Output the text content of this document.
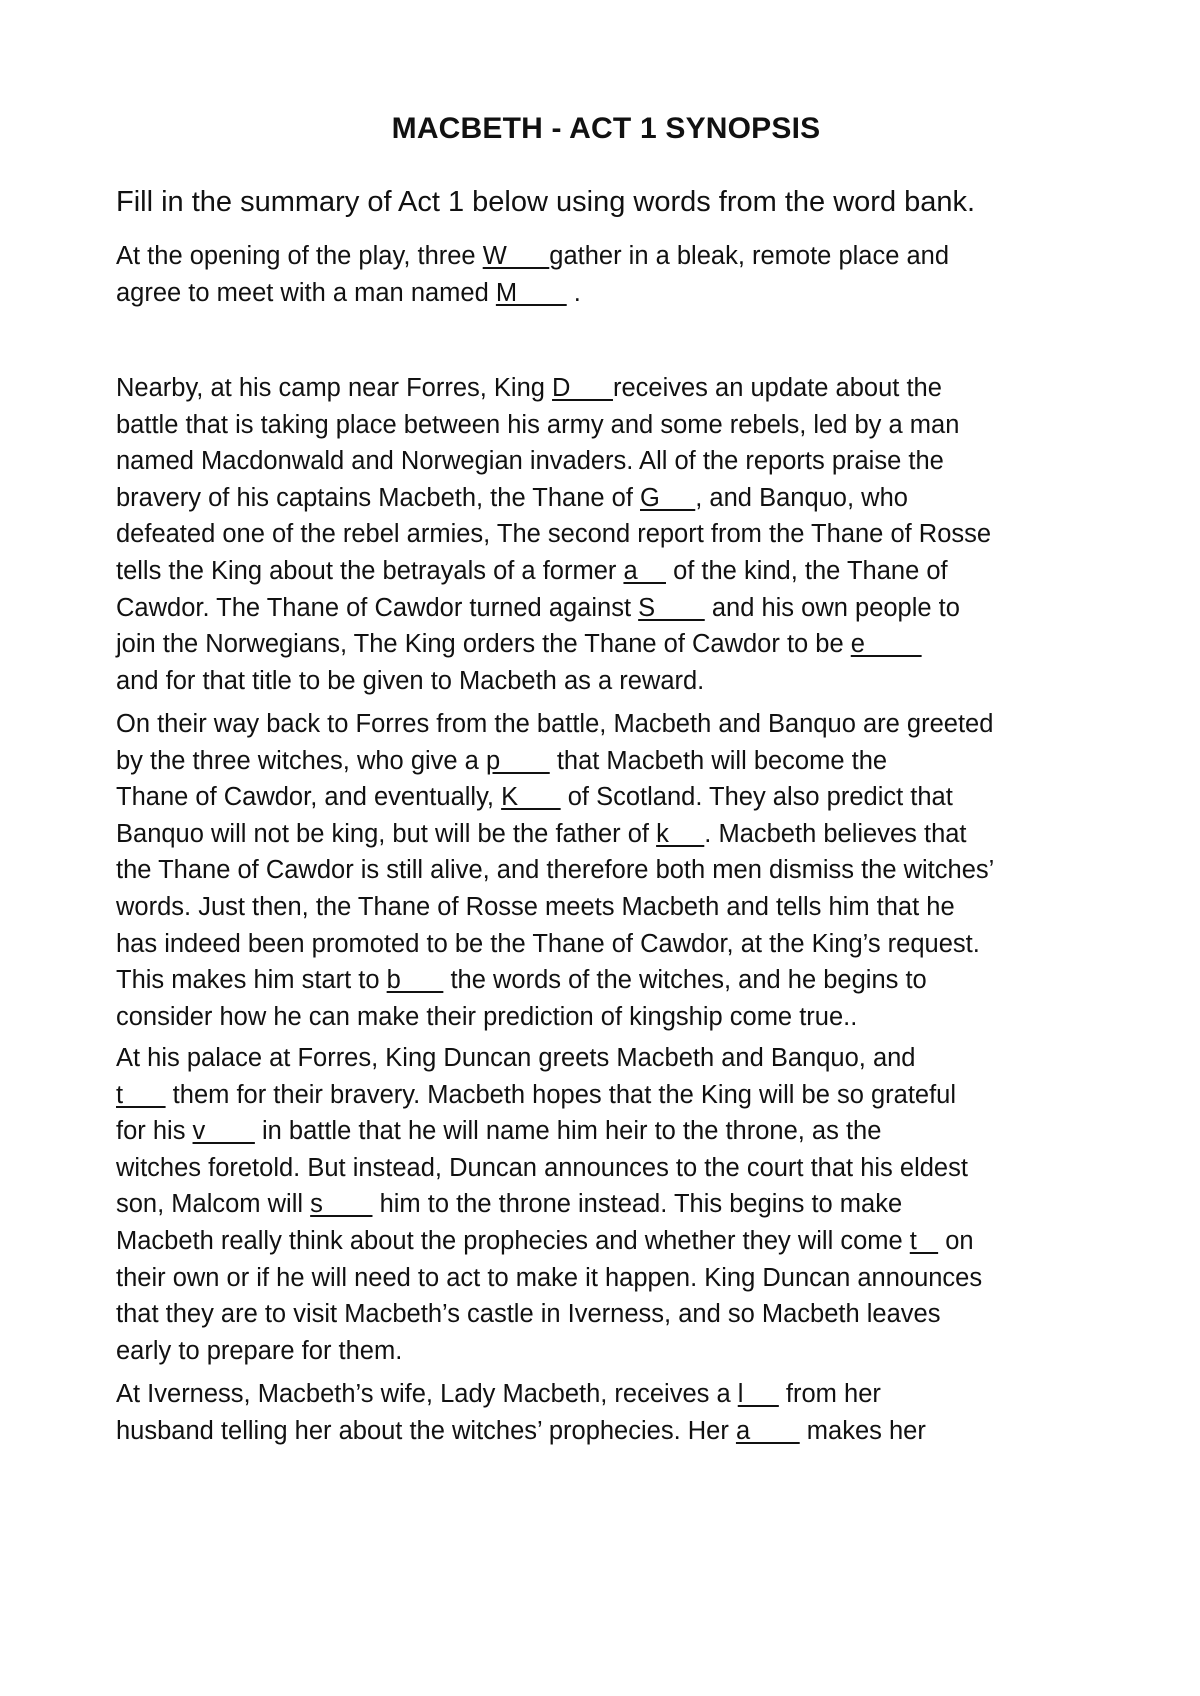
MACBETH - ACT 1 SYNOPSIS

Fill in the summary of Act 1 below using words from the word bank.

At the opening of the play, three W      gather in a bleak, remote place and
agree to meet with a man named M        .
Nearby, at his camp near Forres, King D      receives an update about the
battle that is taking place between his army and some rebels, led by a man
named Macdonwald and Norwegian invaders. All of the reports praise the
bravery of his captains Macbeth, the Thane of G     , and Banquo, who
defeated one of the rebel armies, The second report from the Thane of Rosse
tells the King about the betrayals of a former a     of the kind, the Thane of
Cawdor. The Thane of Cawdor turned against S        and his own people to
join the Norwegians, The King orders the Thane of Cawdor to be e
and for that title to be given to Macbeth as a reward.
On their way back to Forres from the battle, Macbeth and Banquo are greeted
by the three witches, who give a p        that Macbeth will become the
Thane of Cawdor, and eventually, K       of Scotland. They also predict that
Banquo will not be king, but will be the father of k     . Macbeth believes that
the Thane of Cawdor is still alive, and therefore both men dismiss the witches’
words. Just then, the Thane of Rosse meets Macbeth and tells him that he
has indeed been promoted to be the Thane of Cawdor, at the King’s request.
This makes him start to b       the words of the witches, and he begins to
consider how he can make their prediction of kingship come true..
At his palace at Forres, King Duncan greets Macbeth and Banquo, and
t       them for their bravery. Macbeth hopes that the King will be so grateful
for his v        in battle that he will name him heir to the throne, as the
witches foretold. But instead, Duncan announces to the court that his eldest
son, Malcom will s        him to the throne instead. This begins to make
Macbeth really think about the prophecies and whether they will come t    on
their own or if he will need to act to make it happen. King Duncan announces
that they are to visit Macbeth’s castle in Iverness, and so Macbeth leaves
early to prepare for them.
At Iverness, Macbeth’s wife, Lady Macbeth, receives a l      from her
husband telling her about the witches’ prophecies. Her a        makes her
